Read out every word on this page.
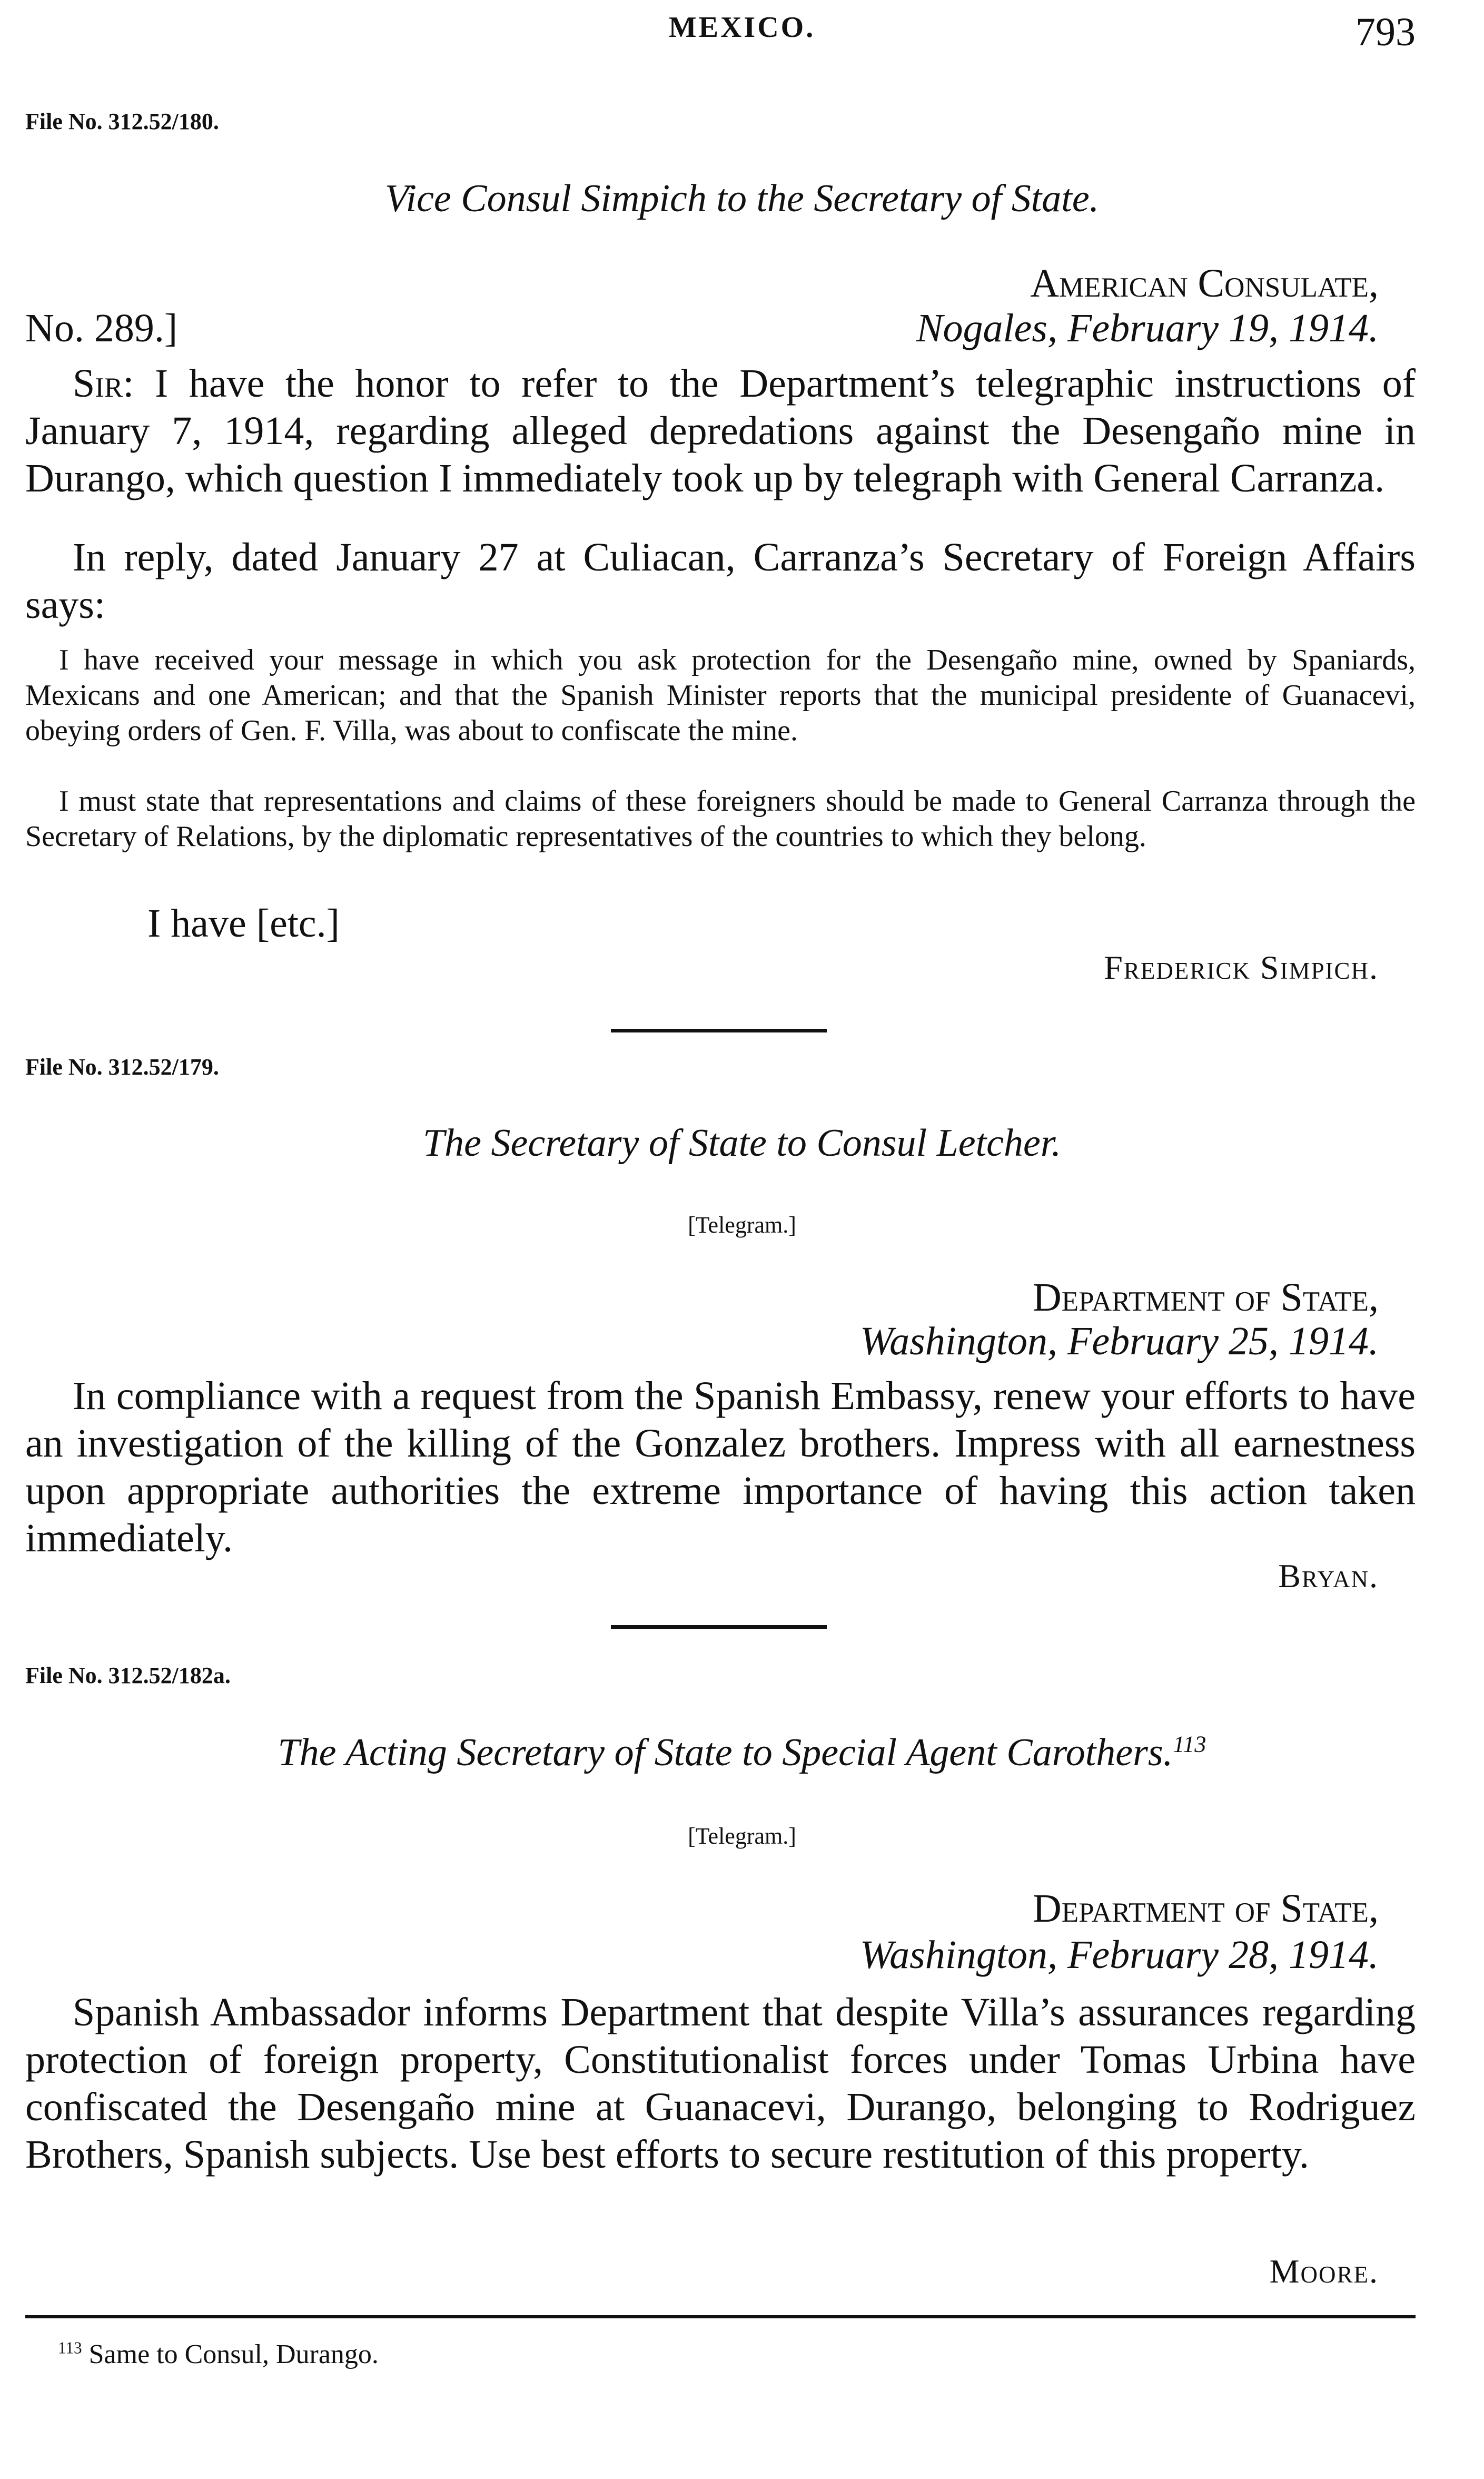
MEXICO.	793
File No. 312.52/180.
Vice Consul Simpich to the Secretary of State.
American Consulate,
No. 289.]	Nogales, February 19, 1914.

Sir: I have the honor to refer to the Department’s telegraphic instructions of January 7, 1914, regarding alleged depredations against the Desengaño mine in Durango, which question I immediately took up by telegraph with General Carranza.

In reply, dated January 27 at Culiacan, Carranza’s Secretary of Foreign Affairs says:

I have received your message in which you ask protection for the Desengaño mine, owned by Spaniards, Mexicans and one American; and that the Spanish Minister reports that the municipal presidente of Guanacevi, obeying orders of Gen. F. Villa, was about to confiscate the mine.

I must state that representations and claims of these foreigners should be made to General Carranza through the Secretary of Relations, by the diplomatic representatives of the countries to which they belong.

I have [etc.]
Frederick Simpich.
File No. 312.52/179.
The Secretary of State to Consul Letcher.
[Telegram.]
Department of State,
Washington, February 25, 1914.

In compliance with a request from the Spanish Embassy, renew your efforts to have an investigation of the killing of the Gonzalez brothers. Impress with all earnestness upon appropriate authorities the extreme importance of having this action taken immediately.

Bryan.
File No. 312.52/182a.
The Acting Secretary of State to Special Agent Carothers.$^{113}$
[Telegram.]
Department of State,
Washington, February 28, 1914.

Spanish Ambassador informs Department that despite Villa’s assurances regarding protection of foreign property, Constitutionalist forces under Tomas Urbina have confiscated the Desengaño mine at Guanacevi, Durango, belonging to Rodriguez Brothers, Spanish subjects. Use best efforts to secure restitution of this property.

Moore.
$^{113}$ Same to Consul, Durango.
